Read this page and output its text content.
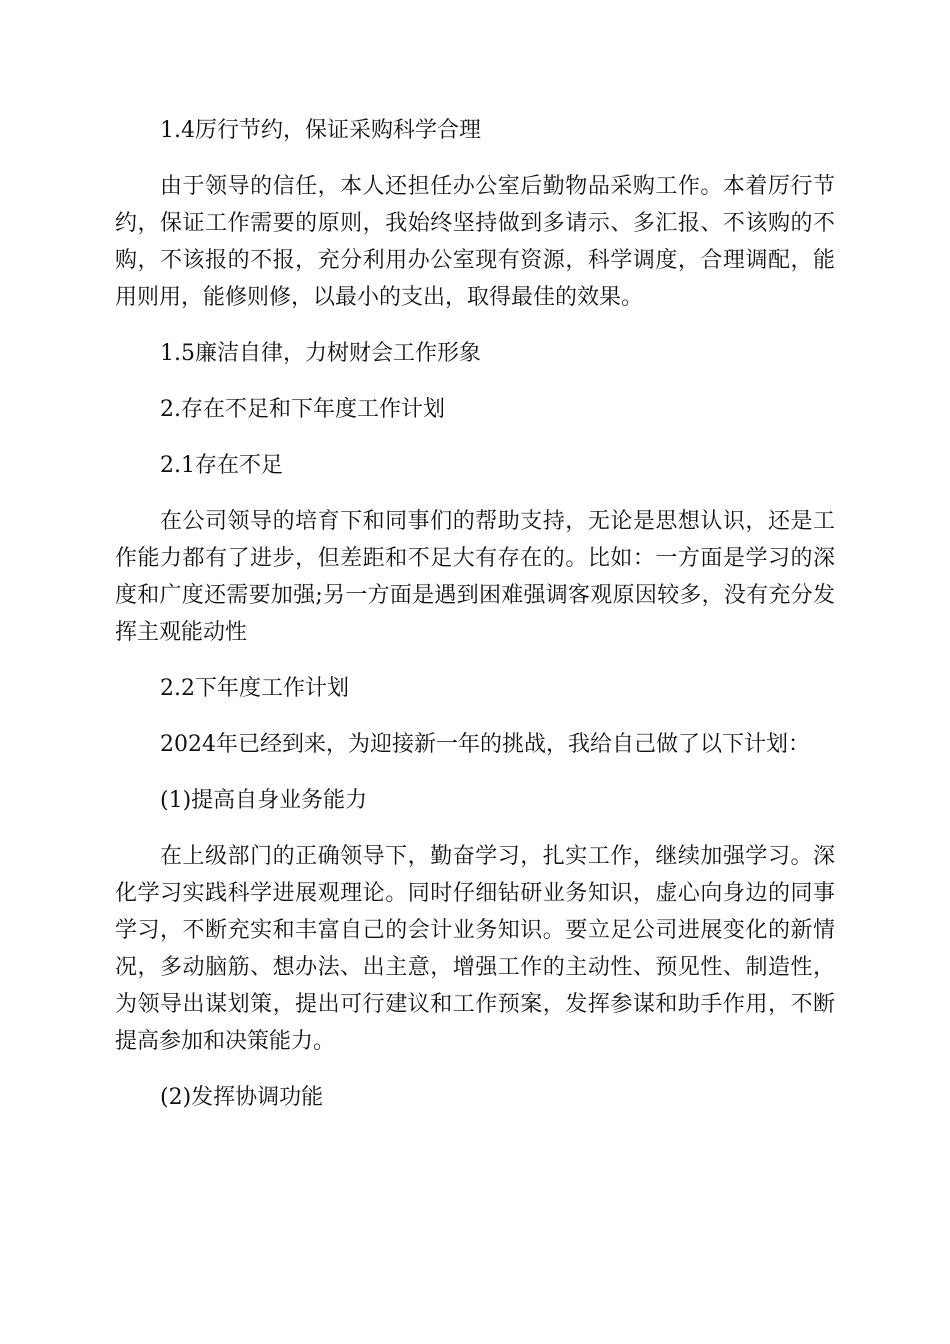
1.4厉行节约，保证采购科学合理

由于领导的信任，本人还担任办公室后勤物品采购工作。本着厉行节约，保证工作需要的原则，我始终坚持做到多请示、多汇报、不该购的不购，不该报的不报，充分利用办公室现有资源，科学调度，合理调配，能用则用，能修则修，以最小的支出，取得最佳的效果。

1.5廉洁自律，力树财会工作形象

2.存在不足和下年度工作计划

2.1存在不足

在公司领导的培育下和同事们的帮助支持，无论是思想认识，还是工作能力都有了进步，但差距和不足大有存在的。比如：一方面是学习的深度和广度还需要加强;另一方面是遇到困难强调客观原因较多，没有充分发挥主观能动性

2.2下年度工作计划

2024年已经到来，为迎接新一年的挑战，我给自己做了以下计划：

(1)提高自身业务能力

在上级部门的正确领导下，勤奋学习，扎实工作，继续加强学习。深化学习实践科学进展观理论。同时仔细钻研业务知识，虚心向身边的同事学习，不断充实和丰富自己的会计业务知识。要立足公司进展变化的新情况，多动脑筋、想办法、出主意，增强工作的主动性、预见性、制造性，为领导出谋划策，提出可行建议和工作预案，发挥参谋和助手作用，不断提高参加和决策能力。

(2)发挥协调功能
